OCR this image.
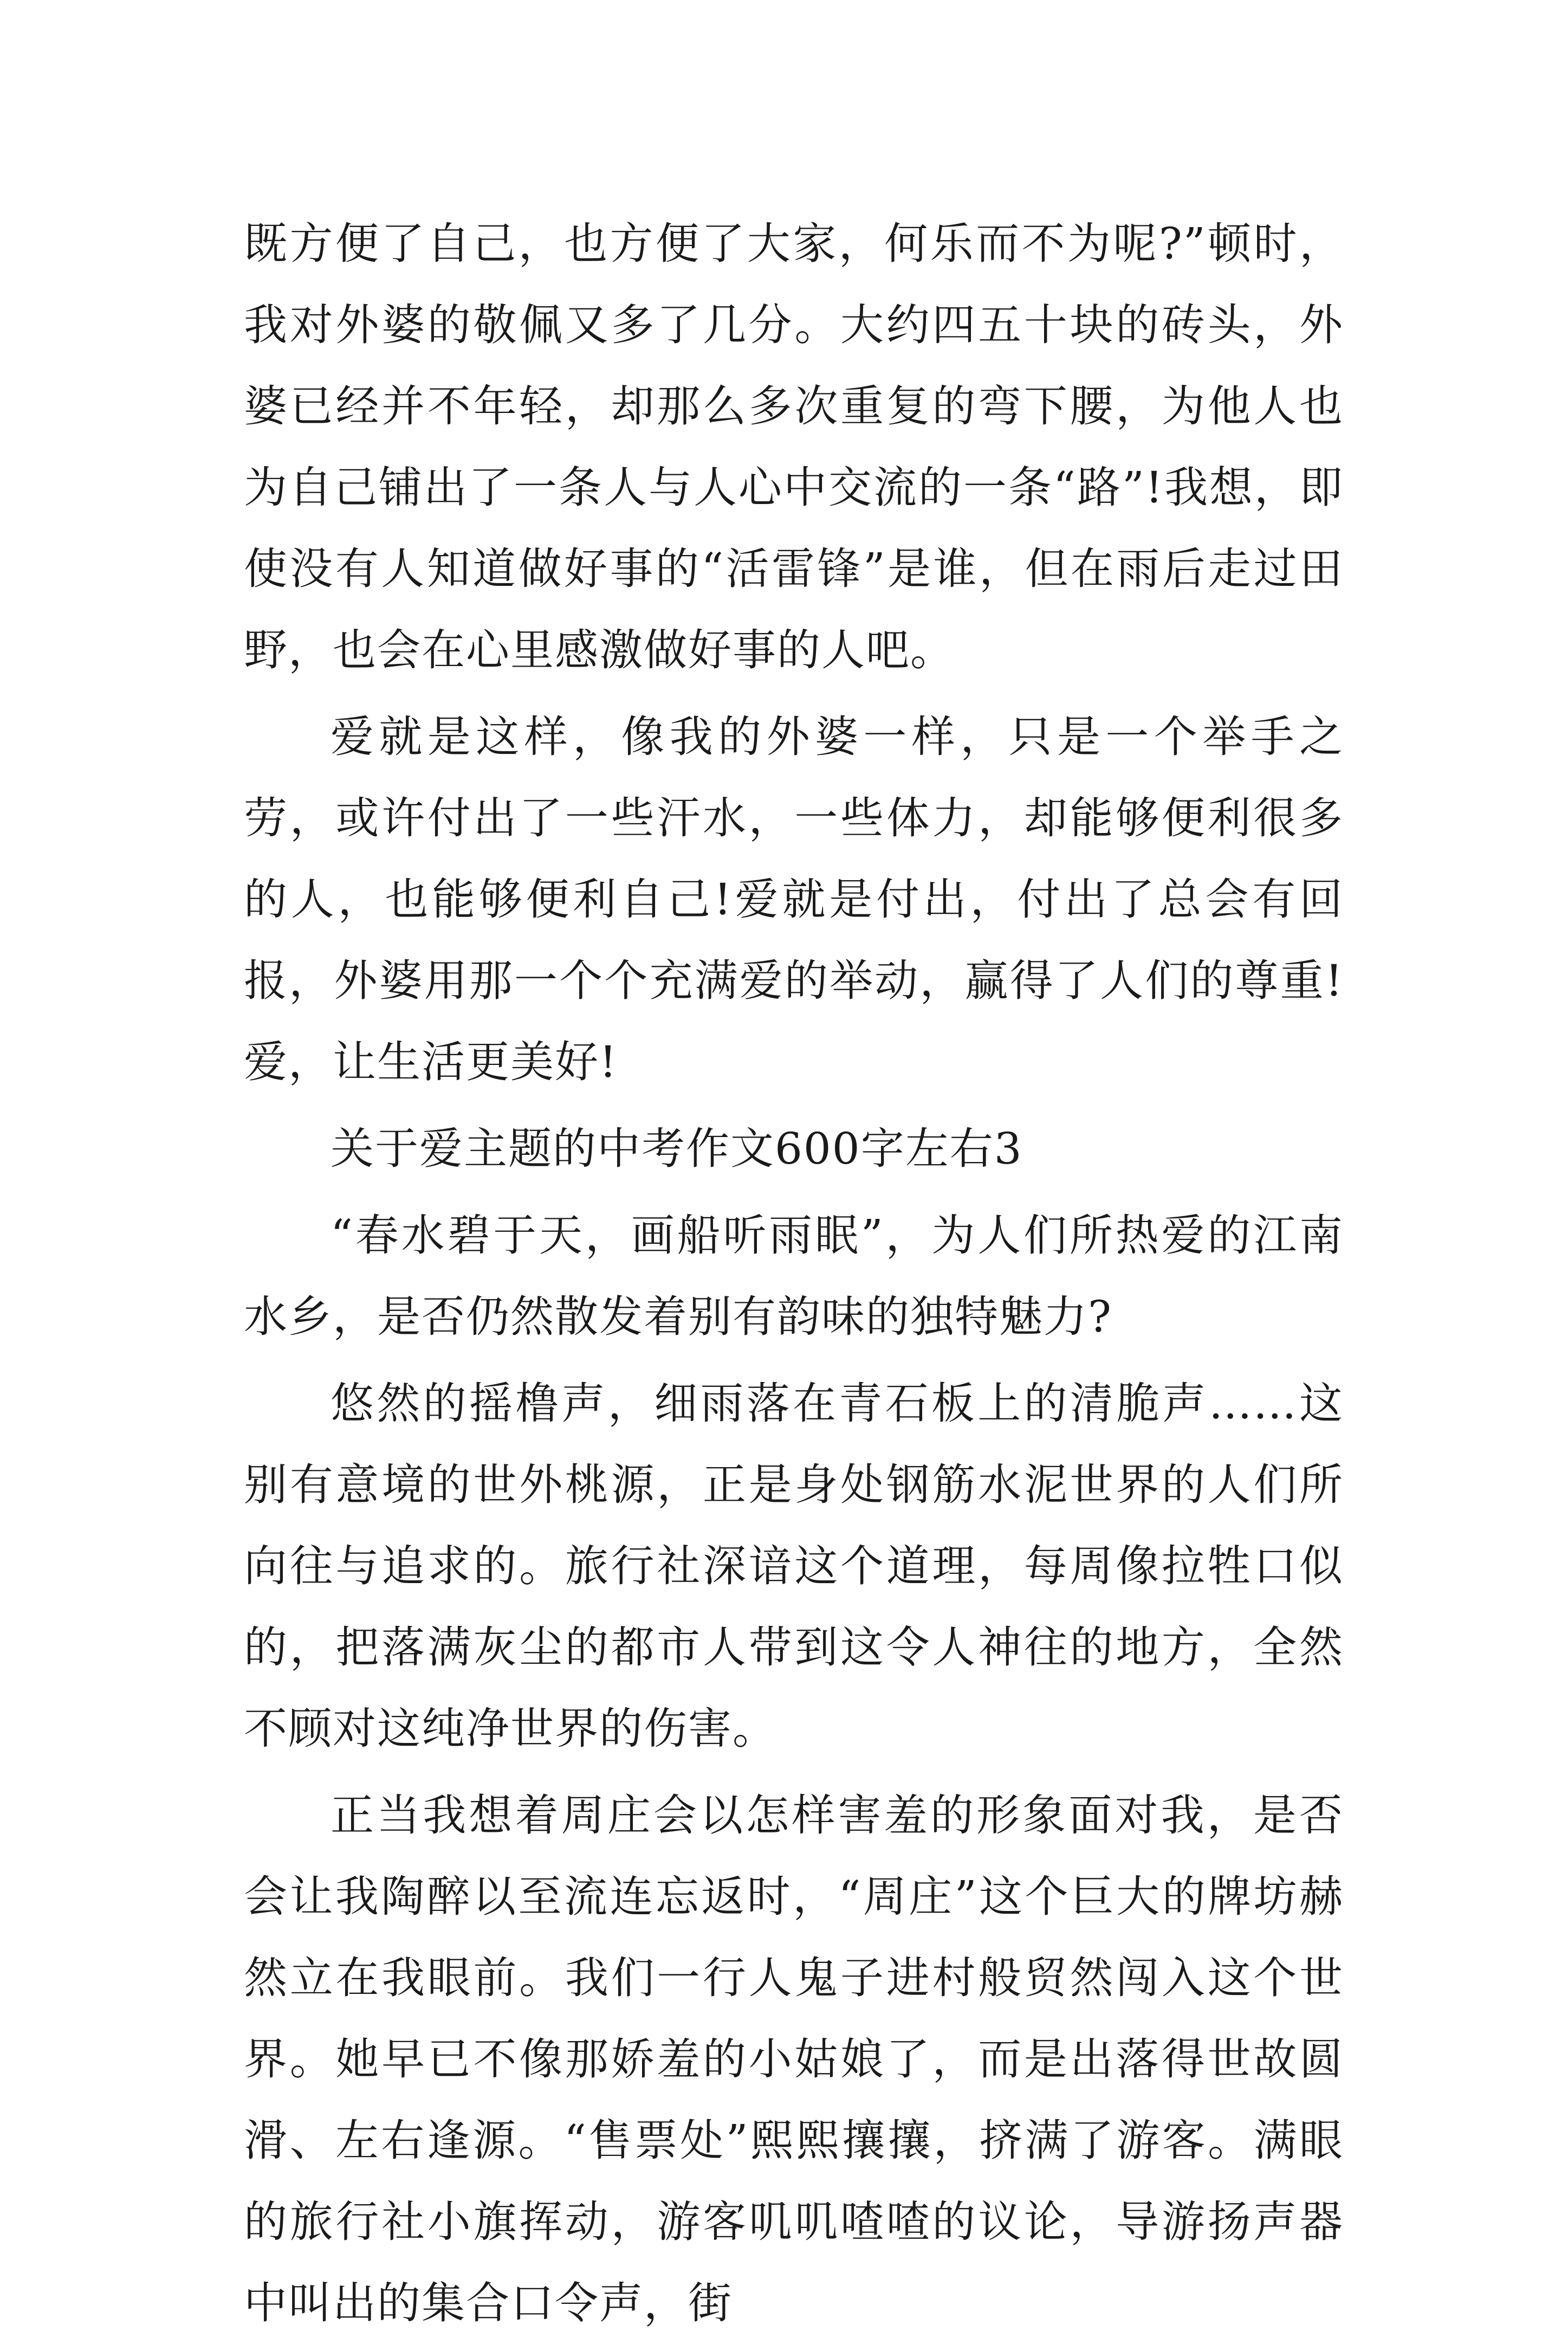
既方便了自己，也方便了大家，何乐而不为呢?”顿时，我对外婆的敬佩又多了几分。大约四五十块的砖头，外婆已经并不年轻，却那么多次重复的弯下腰，为他人也为自己铺出了一条人与人心中交流的一条“路”!我想，即使没有人知道做好事的“活雷锋”是谁，但在雨后走过田野，也会在心里感激做好事的人吧。

爱就是这样，像我的外婆一样，只是一个举手之劳，或许付出了一些汗水，一些体力，却能够便利很多的人，也能够便利自己!爱就是付出，付出了总会有回报，外婆用那一个个充满爱的举动，赢得了人们的尊重!爱，让生活更美好!

关于爱主题的中考作文600字左右3

“春水碧于天，画船听雨眠”，为人们所热爱的江南水乡，是否仍然散发着别有韵味的独特魅力?

悠然的摇橹声，细雨落在青石板上的清脆声……这别有意境的世外桃源，正是身处钢筋水泥世界的人们所向往与追求的。旅行社深谙这个道理，每周像拉牲口似的，把落满灰尘的都市人带到这令人神往的地方，全然不顾对这纯净世界的伤害。

正当我想着周庄会以怎样害羞的形象面对我，是否会让我陶醉以至流连忘返时，“周庄”这个巨大的牌坊赫然立在我眼前。我们一行人鬼子进村般贸然闯入这个世界。她早已不像那娇羞的小姑娘了，而是出落得世故圆滑、左右逢源。“售票处”熙熙攘攘，挤满了游客。满眼的旅行社小旗挥动，游客叽叽喳喳的议论，导游扬声器中叫出的集合口令声，街
